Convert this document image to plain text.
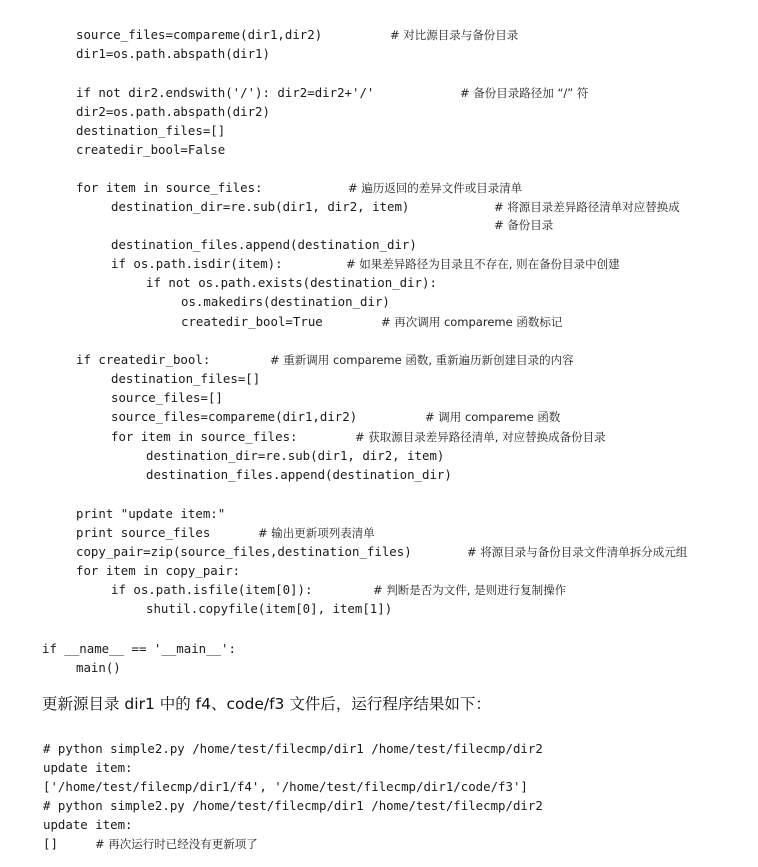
source_files=compareme(dir1,dir2)	# 对比源目录与备份目录
dir1=os.path.abspath(dir1)
if not dir2.endswith('/'): dir2=dir2+'/'	# 备份目录路径加 “/” 符
dir2=os.path.abspath(dir2)
destination_files=[]
createdir_bool=False
for item in source_files:	# 遍历返回的差异文件或目录清单
destination_dir=re.sub(dir1, dir2, item)	# 将源目录差异路径清单对应替换成
# 备份目录
destination_files.append(destination_dir)
if os.path.isdir(item):	# 如果差异路径为目录且不存在, 则在备份目录中创建
if not os.path.exists(destination_dir):
os.makedirs(destination_dir)
createdir_bool=True	# 再次调用 compareme 函数标记
if createdir_bool:	# 重新调用 compareme 函数, 重新遍历新创建目录的内容
destination_files=[]
source_files=[]
source_files=compareme(dir1,dir2)	# 调用 compareme 函数
for item in source_files:	# 获取源目录差异路径清单, 对应替换成备份目录
destination_dir=re.sub(dir1, dir2, item)
destination_files.append(destination_dir)
print "update item:"
print source_files	# 输出更新项列表清单
copy_pair=zip(source_files,destination_files)	# 将源目录与备份目录文件清单拆分成元组
for item in copy_pair:
if os.path.isfile(item[0]):	# 判断是否为文件, 是则进行复制操作
shutil.copyfile(item[0], item[1])
if __name__ == '__main__':
main()
更新源目录 dir1 中的 f4、code/f3 文件后，运行程序结果如下：
# python simple2.py /home/test/filecmp/dir1 /home/test/filecmp/dir2
update item:
['/home/test/filecmp/dir1/f4', '/home/test/filecmp/dir1/code/f3']
# python simple2.py /home/test/filecmp/dir1 /home/test/filecmp/dir2
update item:
[]	# 再次运行时已经没有更新项了
